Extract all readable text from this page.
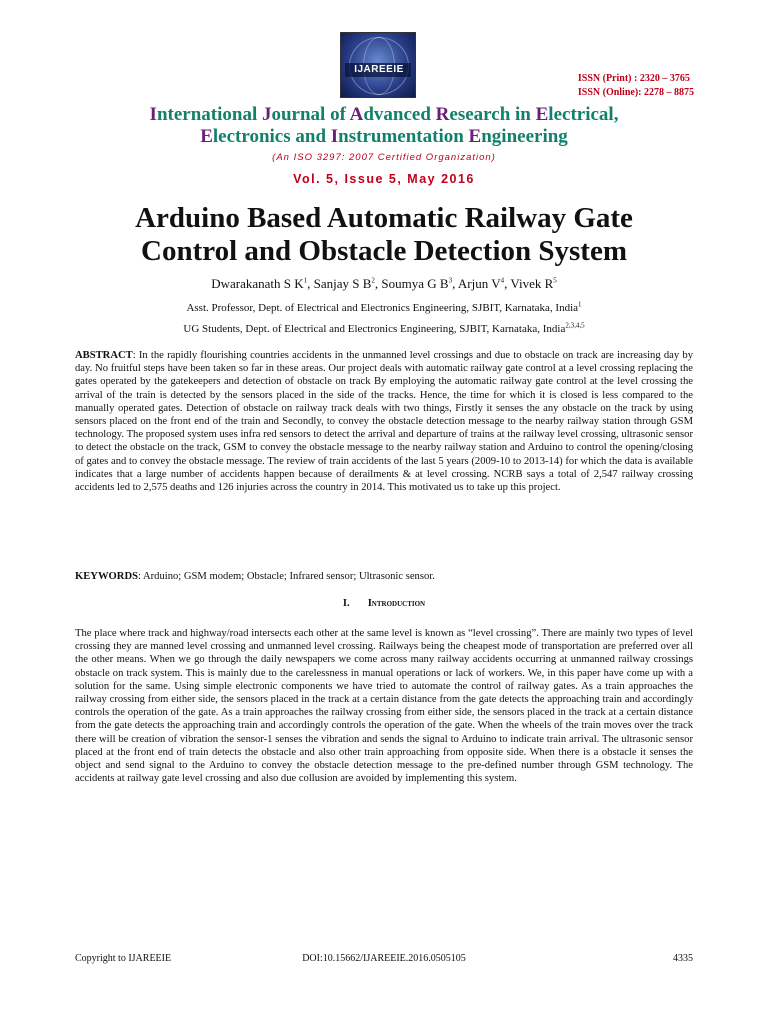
IJAREEIE
ISSN (Print) : 2320 – 3765
ISSN (Online): 2278 – 8875
International Journal of Advanced Research in Electrical,
Electronics and Instrumentation Engineering
(An ISO 3297: 2007 Certified Organization)
Vol. 5, Issue 5, May 2016
Arduino Based Automatic Railway Gate
Control and Obstacle Detection System
Dwarakanath S $K^1$, Sanjay S $B^2$, Soumya G $B^3$, Arjun $V^4$, Vivek $R^5$
Asst. Professor, Dept. of Electrical and Electronics Engineering, SJBIT, Karnataka, India$^1$
UG Students, Dept. of Electrical and Electronics Engineering, SJBIT, Karnataka, India$^{2,3,4,5}$
ABSTRACT: In the rapidly flourishing countries accidents in the unmanned level crossings and due to obstacle on track are increasing day by day. No fruitful steps have been taken so far in these areas. Our project deals with automatic railway gate control at a level crossing replacing the gates operated by the gatekeepers and detection of obstacle on track By employing the automatic railway gate control at the level crossing the arrival of the train is detected by the sensors placed in the side of the tracks. Hence, the time for which it is closed is less compared to the manually operated gates. Detection of obstacle on railway track deals with two things, Firstly it senses the any obstacle on the track by using sensors placed on the front end of the train and Secondly, to convey the obstacle detection message to the nearby railway station through GSM technology. The proposed system uses infra red sensors to detect the arrival and departure of trains at the railway level crossing, ultrasonic sensor to detect the obstacle on the track, GSM to convey the obstacle message to the nearby railway station and Arduino to control the opening/closing of gates and to convey the obstacle message. The review of train accidents of the last 5 years (2009-10 to 2013-14) for which the data is available indicates that a large number of accidents happen because of derailments & at level crossing. NCRB says a total of 2,547 railway crossing accidents led to 2,575 deaths and 126 injuries across the country in 2014. This motivated us to take up this project.
KEYWORDS: Arduino; GSM modem; Obstacle; Infrared sensor; Ultrasonic sensor.
I. Introduction
The place where track and highway/road intersects each other at the same level is known as “level crossing”. There are mainly two types of level crossing they are manned level crossing and unmanned level crossing. Railways being the cheapest mode of transportation are preferred over all the other means. When we go through the daily newspapers we come across many railway accidents occurring at unmanned railway crossings obstacle on track system. This is mainly due to the carelessness in manual operations or lack of workers. We, in this paper have come up with a solution for the same. Using simple electronic components we have tried to automate the control of railway gates. As a train approaches the railway crossing from either side, the sensors placed in the track at a certain distance from the gate detects the approaching train and accordingly controls the operation of the gate. As a train approaches the railway crossing from either side, the sensors placed in the track at a certain distance from the gate detects the approaching train and accordingly controls the operation of the gate. When the wheels of the train moves over the track there will be creation of vibration the sensor-1 senses the vibration and sends the signal to Arduino to indicate train arrival. The ultrasonic sensor placed at the front end of train detects the obstacle and also other train approaching from opposite side. When there is a obstacle it senses the object and send signal to the Arduino to convey the obstacle detection message to the pre-defined number through GSM technology. The accidents at railway gate level crossing and also due collusion are avoided by implementing this system.
Copyright to IJAREEIE	DOI:10.15662/IJAREEIE.2016.0505105	4335
